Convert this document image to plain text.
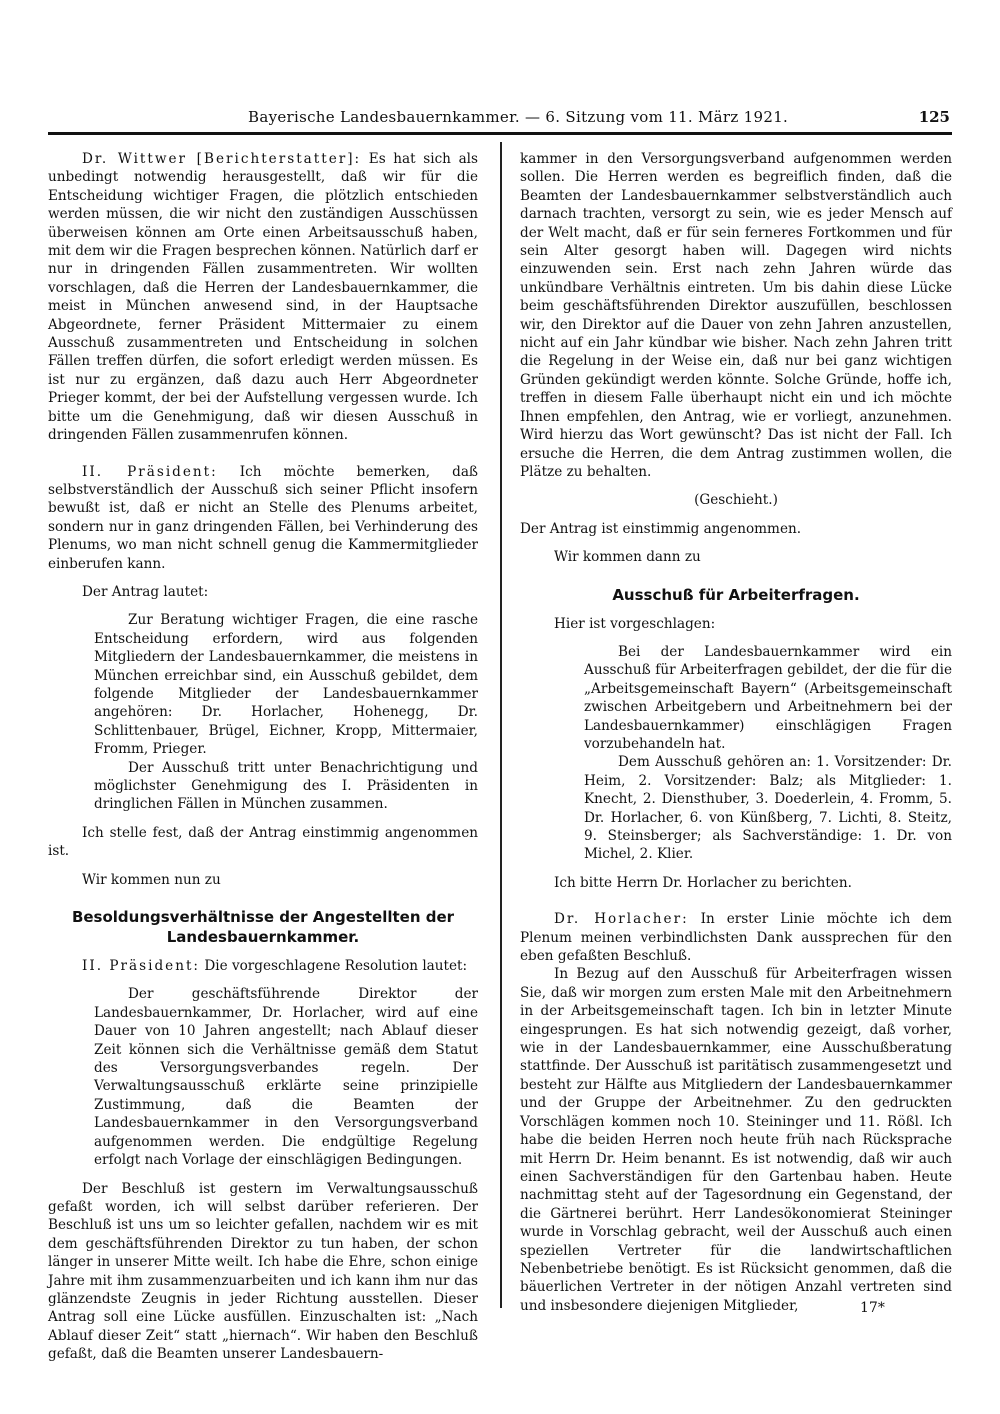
Bayerische Landesbauernkammer. — 6. Sitzung vom 11. März 1921.	125

Dr. Wittwer [Berichterstatter]: Es hat sich als unbedingt notwendig herausgestellt, daß wir für die Entscheidung wichtiger Fragen, die plötzlich entschieden werden müssen, die wir nicht den zuständigen Ausschüssen überweisen können am Orte einen Arbeitsausschuß haben, mit dem wir die Fragen besprechen können. Natürlich darf er nur in dringenden Fällen zusammentreten. Wir wollten vorschlagen, daß die Herren der Landesbauernkammer, die meist in München anwesend sind, in der Hauptsache Abgeordnete, ferner Präsident Mittermaier zu einem Ausschuß zusammentreten und Entscheidung in solchen Fällen treffen dürfen, die sofort erledigt werden müssen. Es ist nur zu ergänzen, daß dazu auch Herr Abgeordneter Prieger kommt, der bei der Aufstellung vergessen wurde. Ich bitte um die Genehmigung, daß wir diesen Ausschuß in dringenden Fällen zusammenrufen können.

II. Präsident: Ich möchte bemerken, daß selbstverständlich der Ausschuß sich seiner Pflicht insofern bewußt ist, daß er nicht an Stelle des Plenums arbeitet, sondern nur in ganz dringenden Fällen, bei Verhinderung des Plenums, wo man nicht schnell genug die Kammermitglieder einberufen kann.

Der Antrag lautet:

Zur Beratung wichtiger Fragen, die eine rasche Entscheidung erfordern, wird aus folgenden Mitgliedern der Landesbauernkammer, die meistens in München erreichbar sind, ein Ausschuß gebildet, dem folgende Mitglieder der Landesbauernkammer angehören: Dr. Horlacher, Hohenegg, Dr. Schlittenbauer, Brügel, Eichner, Kropp, Mittermaier, Fromm, Prieger.

Der Ausschuß tritt unter Benachrichtigung und möglichster Genehmigung des I. Präsidenten in dringlichen Fällen in München zusammen.

Ich stelle fest, daß der Antrag einstimmig angenommen ist.

Wir kommen nun zu

Besoldungsverhältnisse der Angestellten der Landesbauernkammer.

II. Präsident: Die vorgeschlagene Resolution lautet:

Der geschäftsführende Direktor der Landesbauernkammer, Dr. Horlacher, wird auf eine Dauer von 10 Jahren angestellt; nach Ablauf dieser Zeit können sich die Verhältnisse gemäß dem Statut des Versorgungsverbandes regeln. Der Verwaltungsausschuß erklärte seine prinzipielle Zustimmung, daß die Beamten der Landesbauernkammer in den Versorgungsverband aufgenommen werden. Die endgültige Regelung erfolgt nach Vorlage der einschlägigen Bedingungen.

Der Beschluß ist gestern im Verwaltungsausschuß gefaßt worden, ich will selbst darüber referieren. Der Beschluß ist uns um so leichter gefallen, nachdem wir es mit dem geschäftsführenden Direktor zu tun haben, der schon länger in unserer Mitte weilt. Ich habe die Ehre, schon einige Jahre mit ihm zusammenzuarbeiten und ich kann ihm nur das glänzendste Zeugnis in jeder Richtung ausstellen. Dieser Antrag soll eine Lücke ausfüllen. Einzuschalten ist: „Nach Ablauf dieser Zeit“ statt „hiernach“. Wir haben den Beschluß gefaßt, daß die Beamten unserer Landesbauern-

kammer in den Versorgungsverband aufgenommen werden sollen. Die Herren werden es begreiflich finden, daß die Beamten der Landesbauernkammer selbstverständlich auch darnach trachten, versorgt zu sein, wie es jeder Mensch auf der Welt macht, daß er für sein ferneres Fortkommen und für sein Alter gesorgt haben will. Dagegen wird nichts einzuwenden sein. Erst nach zehn Jahren würde das unkündbare Verhältnis eintreten. Um bis dahin diese Lücke beim geschäftsführenden Direktor auszufüllen, beschlossen wir, den Direktor auf die Dauer von zehn Jahren anzustellen, nicht auf ein Jahr kündbar wie bisher. Nach zehn Jahren tritt die Regelung in der Weise ein, daß nur bei ganz wichtigen Gründen gekündigt werden könnte. Solche Gründe, hoffe ich, treffen in diesem Falle überhaupt nicht ein und ich möchte Ihnen empfehlen, den Antrag, wie er vorliegt, anzunehmen. Wird hierzu das Wort gewünscht? Das ist nicht der Fall. Ich ersuche die Herren, die dem Antrag zustimmen wollen, die Plätze zu behalten.

(Geschieht.)

Der Antrag ist einstimmig angenommen.

Wir kommen dann zu

Ausschuß für Arbeiterfragen.

Hier ist vorgeschlagen:

Bei der Landesbauernkammer wird ein Ausschuß für Arbeiterfragen gebildet, der die für die „Arbeitsgemeinschaft Bayern“ (Arbeitsgemeinschaft zwischen Arbeitgebern und Arbeitnehmern bei der Landesbauernkammer) einschlägigen Fragen vorzubehandeln hat.

Dem Ausschuß gehören an: 1. Vorsitzender: Dr. Heim, 2. Vorsitzender: Balz; als Mitglieder: 1. Knecht, 2. Diensthuber, 3. Doederlein, 4. Fromm, 5. Dr. Horlacher, 6. von Künßberg, 7. Lichti, 8. Steitz, 9. Steinsberger; als Sachverständige: 1. Dr. von Michel, 2. Klier.

Ich bitte Herrn Dr. Horlacher zu berichten.

Dr. Horlacher: In erster Linie möchte ich dem Plenum meinen verbindlichsten Dank aussprechen für den eben gefaßten Beschluß.

In Bezug auf den Ausschuß für Arbeiterfragen wissen Sie, daß wir morgen zum ersten Male mit den Arbeitnehmern in der Arbeitsgemeinschaft tagen. Ich bin in letzter Minute eingesprungen. Es hat sich notwendig gezeigt, daß vorher, wie in der Landesbauernkammer, eine Ausschußberatung stattfinde. Der Ausschuß ist paritätisch zusammengesetzt und besteht zur Hälfte aus Mitgliedern der Landesbauernkammer und der Gruppe der Arbeitnehmer. Zu den gedruckten Vorschlägen kommen noch 10. Steininger und 11. Rößl. Ich habe die beiden Herren noch heute früh nach Rücksprache mit Herrn Dr. Heim benannt. Es ist notwendig, daß wir auch einen Sachverständigen für den Gartenbau haben. Heute nachmittag steht auf der Tagesordnung ein Gegenstand, der die Gärtnerei berührt. Herr Landesökonomierat Steininger wurde in Vorschlag gebracht, weil der Ausschuß auch einen speziellen Vertreter für die landwirtschaftlichen Nebenbetriebe benötigt. Es ist Rücksicht genommen, daß die bäuerlichen Vertreter in der nötigen Anzahl vertreten sind und insbesondere diejenigen Mitglieder,	17*
